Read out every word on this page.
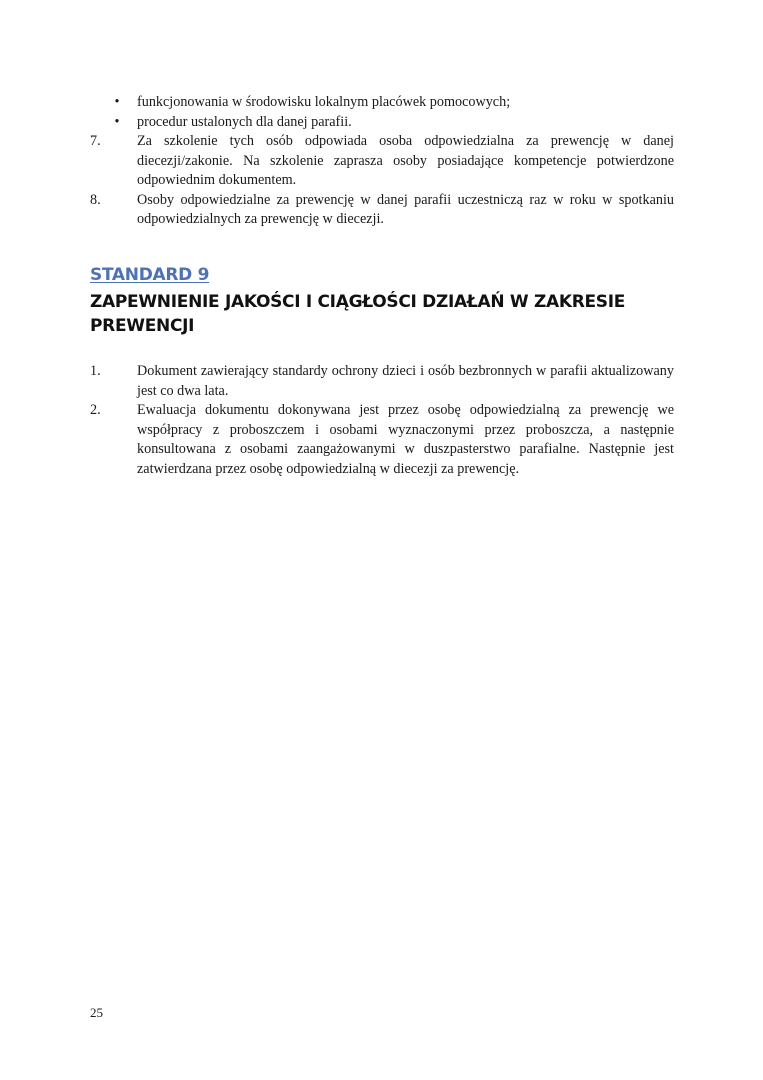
• funkcjonowania w środowisku lokalnym placówek pomocowych;
• procedur ustalonych dla danej parafii.
7.	Za szkolenie tych osób odpowiada osoba odpowiedzialna za prewencję w danej diecezji/zakonie. Na szkolenie zaprasza osoby posiadające kompetencje potwierdzone odpowiednim dokumentem.
8.	Osoby odpowiedzialne za prewencję w danej parafii uczestniczą raz w roku w spotkaniu odpowiedzialnych za prewencję w diecezji.
STANDARD 9
ZAPEWNIENIE JAKOŚCI I CIĄGŁOŚCI DZIAŁAŃ W ZAKRESIE PREWENCJI
1.	Dokument zawierający standardy ochrony dzieci i osób bezbronnych w parafii aktualizowany jest co dwa lata.
2.	Ewaluacja dokumentu dokonywana jest przez osobę odpowiedzialną za prewencję we współpracy z proboszczem i osobami wyznaczonymi przez proboszcza, a następnie konsultowana z osobami zaangażowanymi w duszpasterstwo parafialne. Następnie jest zatwierdzana przez osobę odpowiedzialną w diecezji za prewencję.
25
